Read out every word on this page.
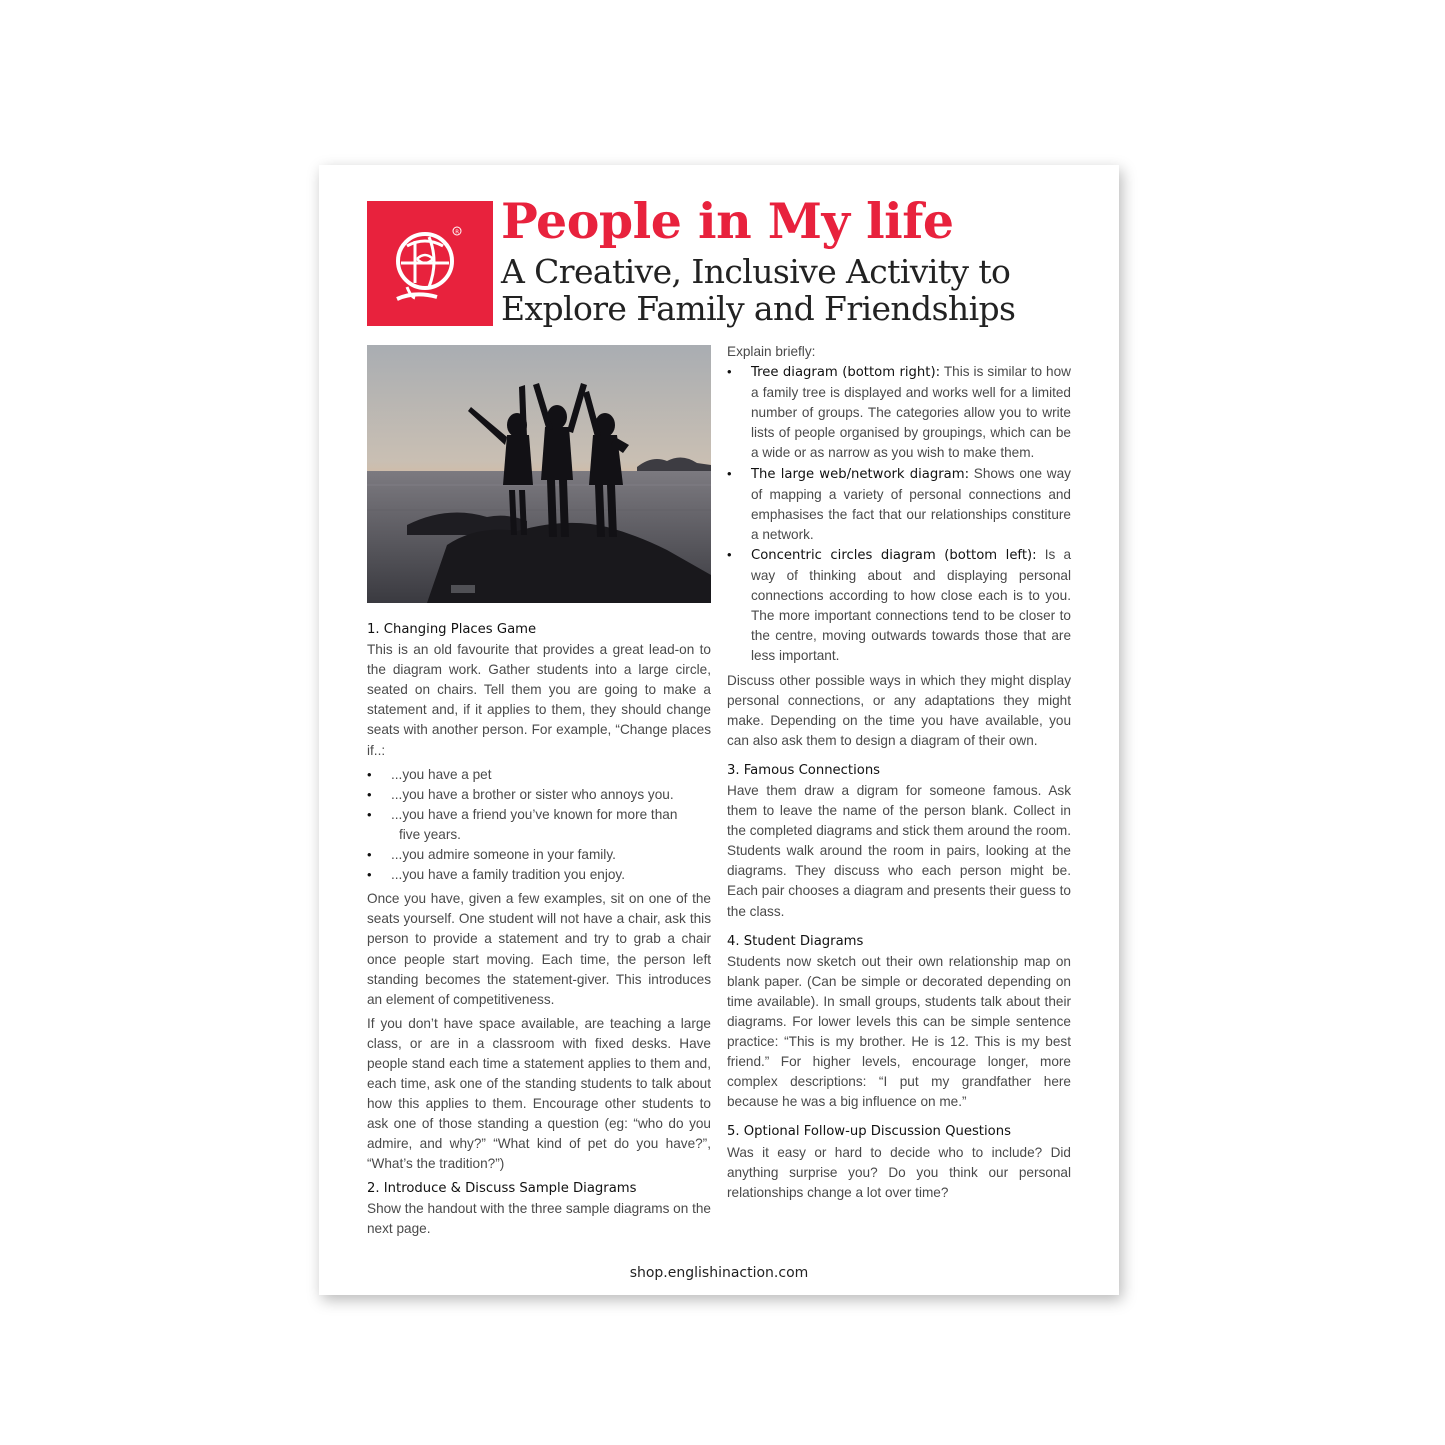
R People in My life
A Creative, Inclusive Activity to
Explore Family and Friendships
1. Changing Places Game

This is an old favourite that provides a great lead-on to the diagram work. Gather students into a large circle, seated on chairs. Tell them you are going to make a statement and, if it applies to them, they should change seats with another person. For example, “Change places if..:

• ...you have a pet
• ...you have a brother or sister who annoys you.
• ...you have a friend you’ve known for more than
five years.
• ...you admire someone in your family.
• ...you have a family tradition you enjoy.

Once you have, given a few examples, sit on one of the seats yourself. One student will not have a chair, ask this person to provide a statement and try to grab a chair once people start moving. Each time, the person left standing becomes the statement-giver. This introduces an element of competitiveness.

If you don’t have space available, are teaching a large class, or are in a classroom with fixed desks. Have people stand each time a statement applies to them and, each time, ask one of the standing students to talk about how this applies to them. Encourage other students to ask one of those standing a question (eg: “who do you admire, and why?” “What kind of pet do you have?”, “What’s the tradition?”)

2. Introduce & Discuss Sample Diagrams

Show the handout with the three sample diagrams on the next page.

Explain briefly:

• Tree diagram (bottom right): This is similar to how a family tree is displayed and works well for a limited number of groups. The categories allow you to write lists of people organised by groupings, which can be a wide or as narrow as you wish to make them.
• The large web/network diagram: Shows one way of mapping a variety of personal connections and emphasises the fact that our relationships constiture a network.
• Concentric circles diagram (bottom left): Is a way of thinking about and displaying personal connections according to how close each is to you. The more important connections tend to be closer to the centre, moving outwards towards those that are less important.

Discuss other possible ways in which they might display personal connections, or any adaptations they might make. Depending on the time you have available, you can also ask them to design a diagram of their own.

3. Famous Connections

Have them draw a digram for someone famous. Ask them to leave the name of the person blank. Collect in the completed diagrams and stick them around the room. Students walk around the room in pairs, looking at the diagrams. They discuss who each person might be. Each pair chooses a diagram and presents their guess to the class.

4. Student Diagrams

Students now sketch out their own relationship map on blank paper. (Can be simple or decorated depending on time available). In small groups, students talk about their diagrams. For lower levels this can be simple sentence practice: “This is my brother. He is 12. This is my best friend.” For higher levels, encourage longer, more complex descriptions: “I put my grandfather here because he was a big influence on me.”

5. Optional Follow-up Discussion Questions

Was it easy or hard to decide who to include? Did anything surprise you? Do you think our personal relationships change a lot over time?

shop.englishinaction.com
